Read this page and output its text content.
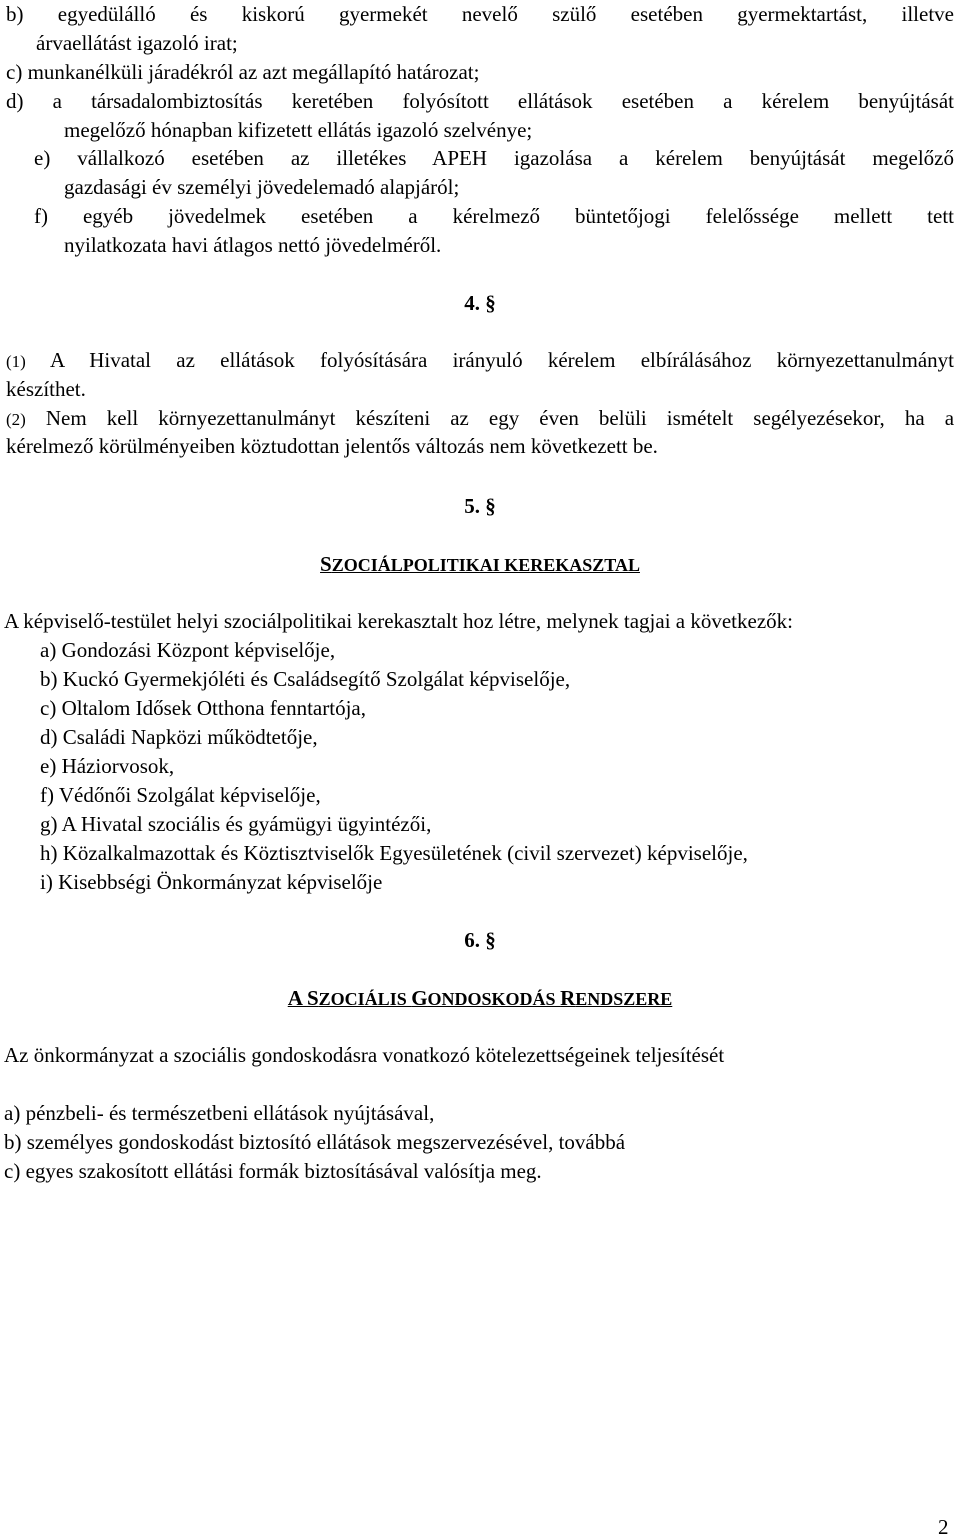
b) egyedülálló és kiskorú gyermekét nevelő szülő esetében gyermektartást, illetve
árvaellátást igazoló irat;
c) munkanélküli járadékról az azt megállapító határozat;
d) a társadalombiztosítás keretében folyósított ellátások esetében a kérelem benyújtását
megelőző hónapban kifizetett ellátás igazoló szelvénye;
e) vállalkozó esetében az illetékes APEH igazolása a kérelem benyújtását megelőző
gazdasági év személyi jövedelemadó alapjáról;
f) egyéb jövedelmek esetében a kérelmező büntetőjogi felelőssége mellett tett
nyilatkozata havi átlagos nettó jövedelméről.
4. §
(1) A Hivatal az ellátások folyósítására irányuló kérelem elbírálásához környezettanulmányt
készíthet.
(2) Nem kell környezettanulmányt készíteni az egy éven belüli ismételt segélyezésekor, ha a
kérelmező körülményeiben köztudottan jelentős változás nem következett be.
5. §
SZOCIÁLPOLITIKAI KEREKASZTAL
A képviselő-testület helyi szociálpolitikai kerekasztalt hoz létre, melynek tagjai a következők:
a) Gondozási Központ képviselője,
b) Kuckó Gyermekjóléti és Családsegítő Szolgálat képviselője,
c) Oltalom Idősek Otthona fenntartója,
d) Családi Napközi működtetője,
e) Háziorvosok,
f) Védőnői Szolgálat képviselője,
g) A Hivatal szociális és gyámügyi ügyintézői,
h) Közalkalmazottak és Köztisztviselők Egyesületének (civil szervezet) képviselője,
i) Kisebbségi Önkormányzat képviselője
6. §
A SZOCIÁLIS GONDOSKODÁS RENDSZERE
Az önkormányzat a szociális gondoskodásra vonatkozó kötelezettségeinek teljesítését
a) pénzbeli- és természetbeni ellátások nyújtásával,
b) személyes gondoskodást biztosító ellátások megszervezésével, továbbá
c) egyes szakosított ellátási formák biztosításával valósítja meg.
2
